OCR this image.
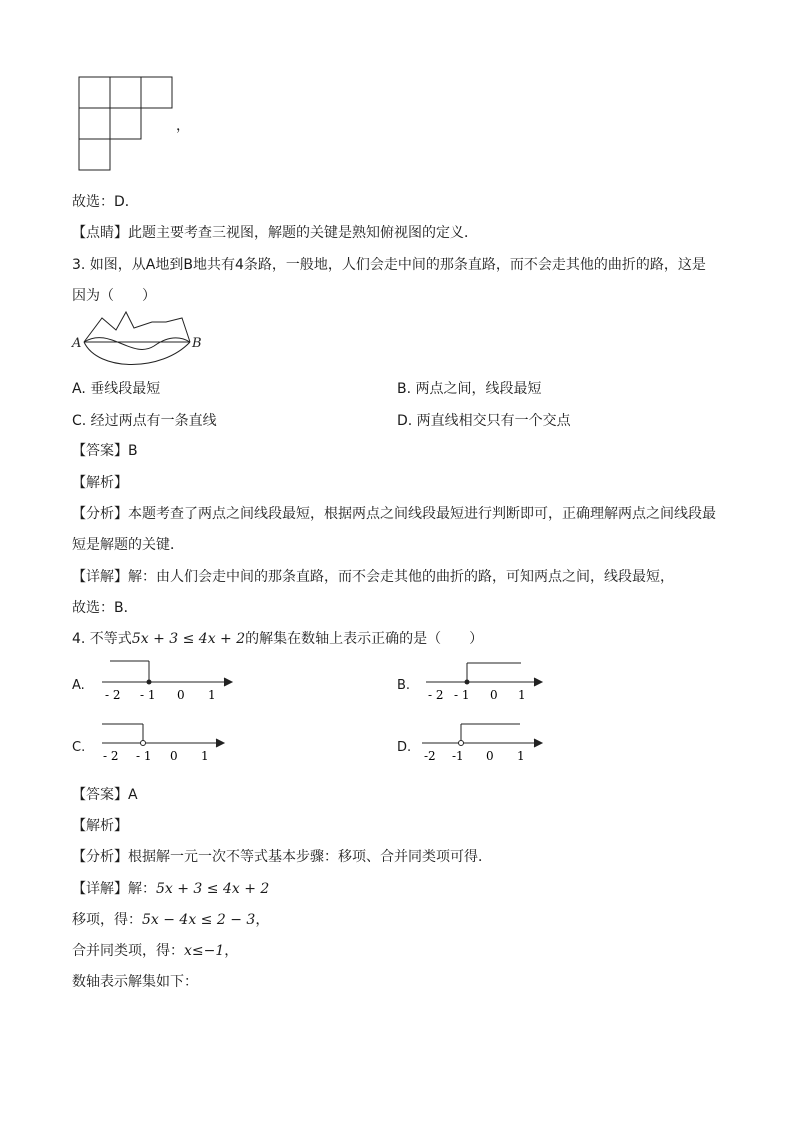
，
故选：D．
【点睛】此题主要考查三视图，解题的关键是熟知俯视图的定义．
3. 如图，从A地到B地共有4条路，一般地，人们会走中间的那条直路，而不会走其他的曲折的路，这是
因为（　　）
A	B
A. 垂线段最短	B. 两点之间，线段最短
C. 经过两点有一条直线	D. 两直线相交只有一个交点
【答案】B
【解析】
【分析】本题考查了两点之间线段最短，根据两点之间线段最短进行判断即可，正确理解两点之间线段最
短是解题的关键．
【详解】解：由人们会走中间的那条直路，而不会走其他的曲折的路，可知两点之间，线段最短，
故选：B．
4. 不等式5x + 3 ≤ 4x + 2的解集在数轴上表示正确的是（　　）
A.
- 2 - 1 0 1
B.
- 2 - 1 0 1
C.
- 2 - 1 0 1
D.
-2 -1 0 1
【答案】A
【解析】
【分析】根据解一元一次不等式基本步骤：移项、合并同类项可得．
【详解】解：5x + 3 ≤ 4x + 2
移项，得：5x − 4x ≤ 2 − 3，
合并同类项，得：x≤−1，
数轴表示解集如下：
